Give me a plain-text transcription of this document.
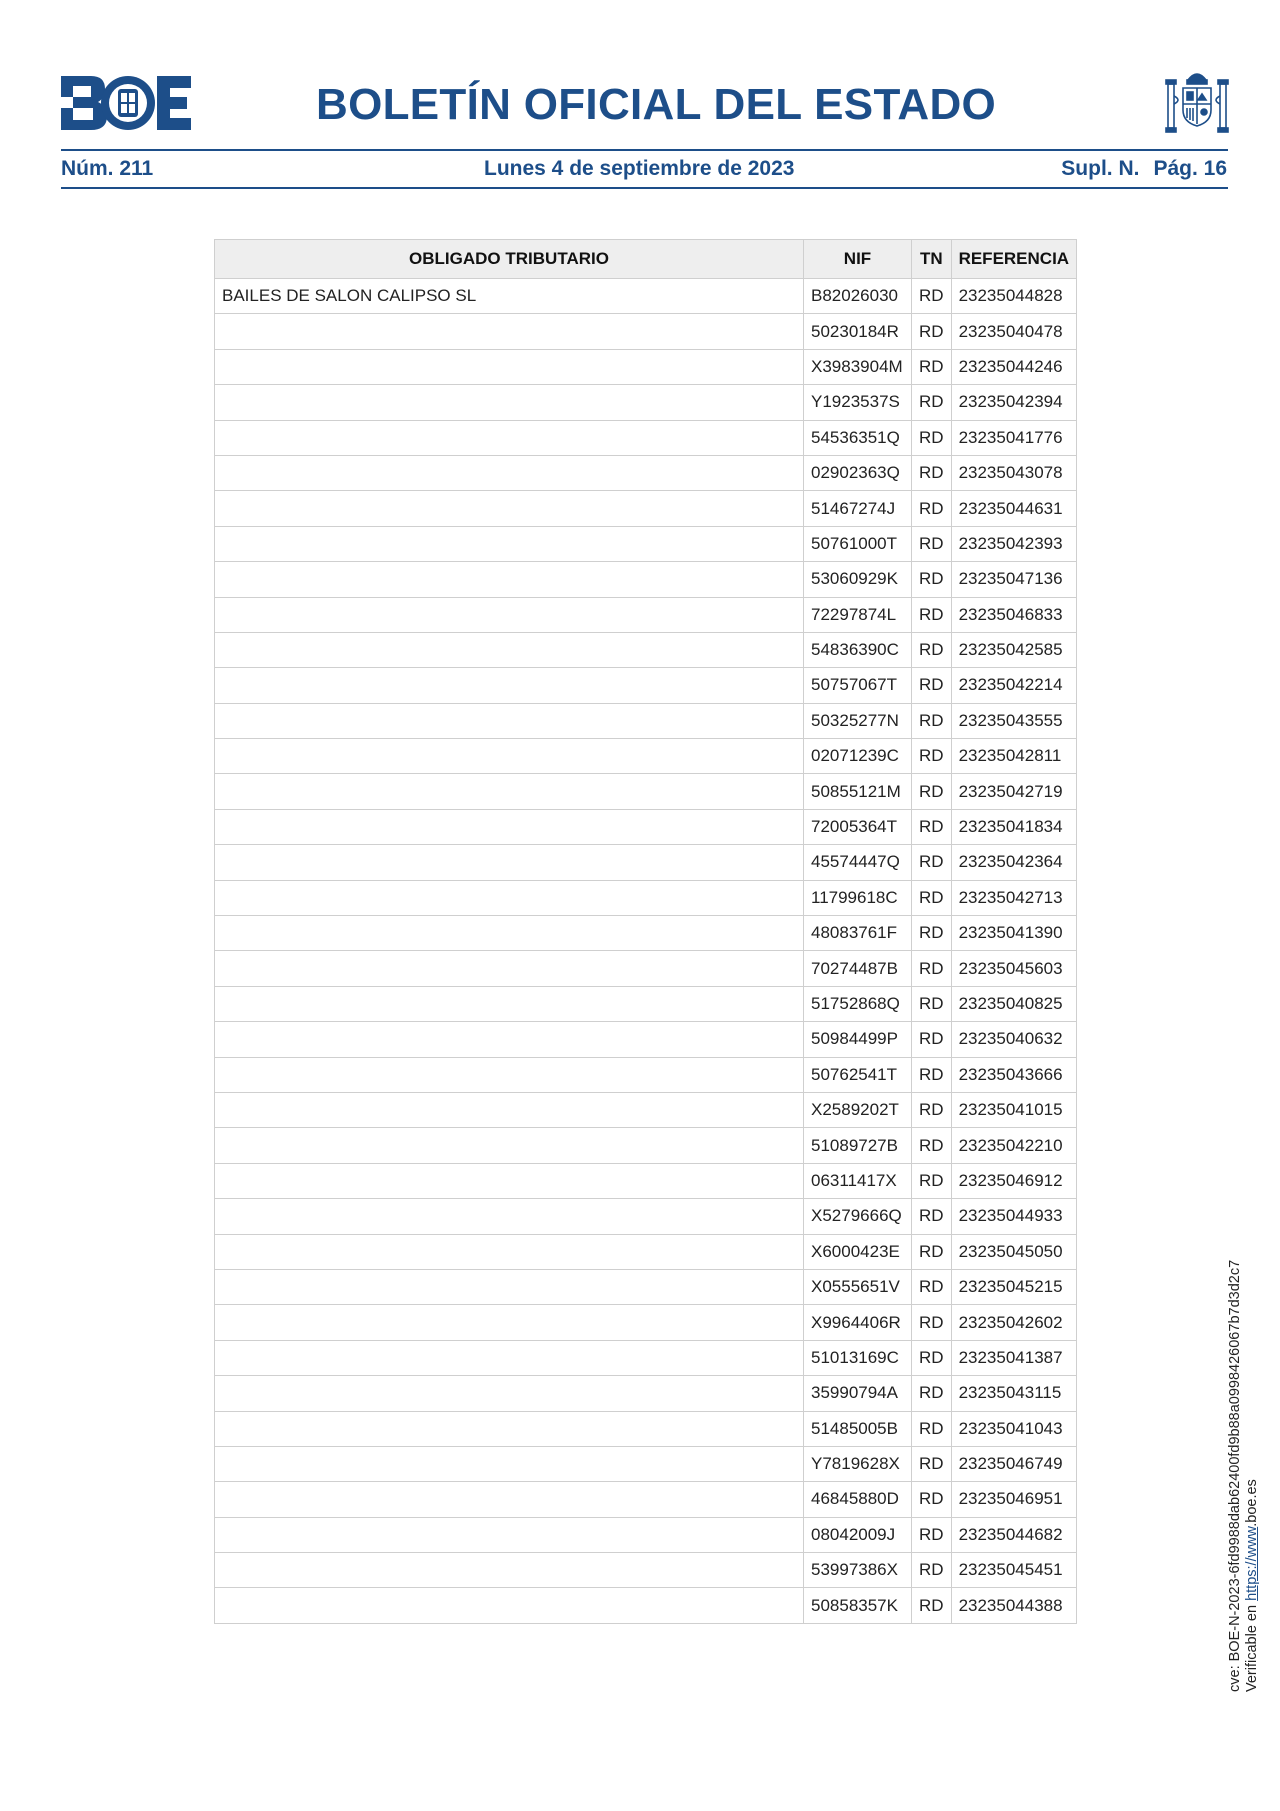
BOLETÍN OFICIAL DEL ESTADO
Núm. 211	Lunes 4 de septiembre de 2023	Supl. N. Pág. 16
OBLIGADO TRIBUTARIO	NIF	TN	REFERENCIA
BAILES DE SALON CALIPSO SL	B82026030	RD	23235044828
	50230184R	RD	23235040478
	X3983904M	RD	23235044246
	Y1923537S	RD	23235042394
	54536351Q	RD	23235041776
	02902363Q	RD	23235043078
	51467274J	RD	23235044631
	50761000T	RD	23235042393
	53060929K	RD	23235047136
	72297874L	RD	23235046833
	54836390C	RD	23235042585
	50757067T	RD	23235042214
	50325277N	RD	23235043555
	02071239C	RD	23235042811
	50855121M	RD	23235042719
	72005364T	RD	23235041834
	45574447Q	RD	23235042364
	11799618C	RD	23235042713
	48083761F	RD	23235041390
	70274487B	RD	23235045603
	51752868Q	RD	23235040825
	50984499P	RD	23235040632
	50762541T	RD	23235043666
	X2589202T	RD	23235041015
	51089727B	RD	23235042210
	06311417X	RD	23235046912
	X5279666Q	RD	23235044933
	X6000423E	RD	23235045050
	X0555651V	RD	23235045215
	X9964406R	RD	23235042602
	51013169C	RD	23235041387
	35990794A	RD	23235043115
	51485005B	RD	23235041043
	Y7819628X	RD	23235046749
	46845880D	RD	23235046951
	08042009J	RD	23235044682
	53997386X	RD	23235045451
	50858357K	RD	23235044388	cve: BOE-N-2023-6fd9988dab62400fd9b88a0998426067b7d3d2c7 Verificable en https://www.boe.es
